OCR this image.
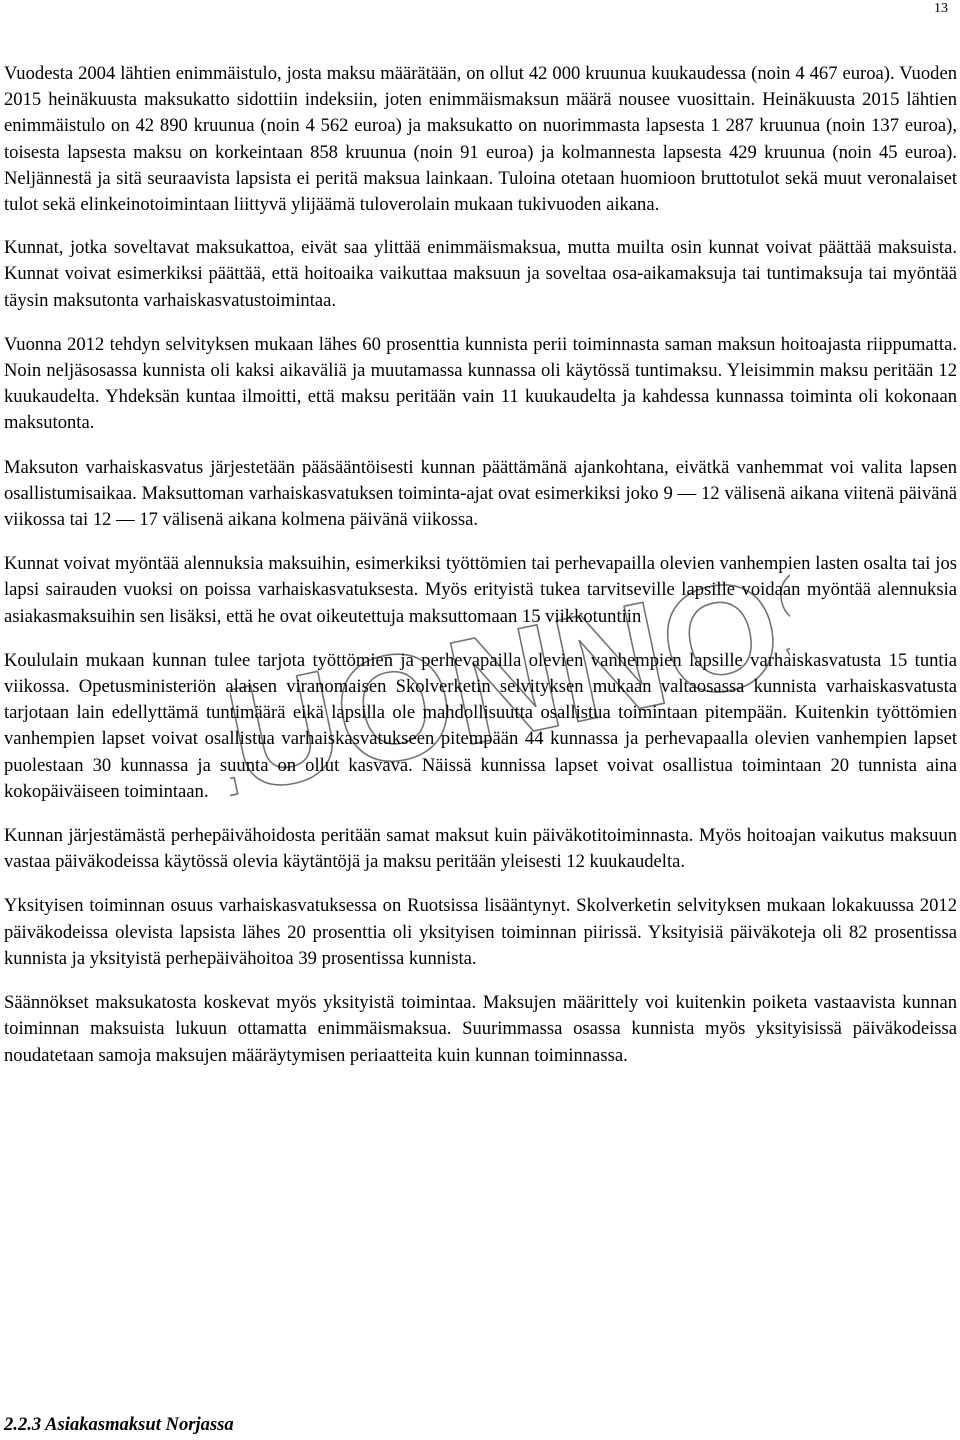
13

Vuodesta 2004 lähtien enimmäistulo, josta maksu määrätään, on ollut 42 000 kruunua kuukaudessa (noin 4 467 euroa). Vuoden 2015 heinäkuusta maksukatto sidottiin indeksiin, joten enimmäismaksun määrä nousee vuosittain. Heinäkuusta 2015 lähtien enimmäistulo on 42 890 kruunua (noin 4 562 euroa) ja maksukatto on nuorimmasta lapsesta 1 287 kruunua (noin 137 euroa), toisesta lapsesta maksu on korkeintaan 858 kruunua (noin 91 euroa) ja kolmannesta lapsesta 429 kruunua (noin 45 euroa). Neljännestä ja sitä seuraavista lapsista ei peritä maksua lainkaan. Tuloina otetaan huomioon bruttotulot sekä muut veronalaiset tulot sekä elinkeinotoimintaan liittyvä ylijäämä tuloverolain mukaan tukivuoden aikana.

Kunnat, jotka soveltavat maksukattoa, eivät saa ylittää enimmäismaksua, mutta muilta osin kunnat voivat päättää maksuista. Kunnat voivat esimerkiksi päättää, että hoitoaika vaikuttaa maksuun ja soveltaa osa-aikamaksuja tai tuntimaksuja tai myöntää täysin maksutonta varhaiskasvatustoimintaa.

Vuonna 2012 tehdyn selvityksen mukaan lähes 60 prosenttia kunnista perii toiminnasta saman maksun hoitoajasta riippumatta. Noin neljäsosassa kunnista oli kaksi aikaväliä ja muutamassa kunnassa oli käytössä tuntimaksu. Yleisimmin maksu peritään 12 kuukaudelta. Yhdeksän kuntaa ilmoitti, että maksu peritään vain 11 kuukaudelta ja kahdessa kunnassa toiminta oli kokonaan maksutonta.

Maksuton varhaiskasvatus järjestetään pääsääntöisesti kunnan päättämänä ajankohtana, eivätkä vanhemmat voi valita lapsen osallistumisaikaa. Maksuttoman varhaiskasvatuksen toiminta-ajat ovat esimerkiksi joko 9 ― 12 välisenä aikana viitenä päivänä viikossa tai 12 ― 17 välisenä aikana kolmena päivänä viikossa.

Kunnat voivat myöntää alennuksia maksuihin, esimerkiksi työttömien tai perhevapailla olevien vanhempien lasten osalta tai jos lapsi sairauden vuoksi on poissa varhaiskasvatuksesta. Myös erityistä tukea tarvitseville lapsille voidaan myöntää alennuksia asiakasmaksuihin sen lisäksi, että he ovat oikeutettuja maksuttomaan 15 viikkotuntiin

Koululain mukaan kunnan tulee tarjota työttömien ja perhevapailla olevien vanhempien lapsille varhaiskasvatusta 15 tuntia viikossa. Opetusministeriön alaisen viranomaisen Skolverketin selvityksen mukaan valtaosassa kunnista varhaiskasvatusta tarjotaan lain edellyttämä tuntimäärä eikä lapsilla ole mahdollisuutta osallistua toimintaan pitempään. Kuitenkin työttömien vanhempien lapset voivat osallistua varhaiskasvatukseen pitempään 44 kunnassa ja perhevapaalla olevien vanhempien lapset puolestaan 30 kunnassa ja suunta on ollut kasvava. Näissä kunnissa lapset voivat osallistua toimintaan 20 tunnista aina kokopäiväiseen toimintaan.

Kunnan järjestämästä perhepäivähoidosta peritään samat maksut kuin päiväkotitoiminnasta. Myös hoitoajan vaikutus maksuun vastaa päiväkodeissa käytössä olevia käytäntöjä ja maksu peritään yleisesti 12 kuukaudelta.

Yksityisen toiminnan osuus varhaiskasvatuksessa on Ruotsissa lisääntynyt. Skolverketin selvityksen mukaan lokakuussa 2012 päiväkodeissa olevista lapsista lähes 20 prosenttia oli yksityisen toiminnan piirissä. Yksityisiä päiväkoteja oli 82 prosentissa kunnista ja yksityistä perhepäivähoitoa 39 prosentissa kunnista.

Säännökset maksukatosta koskevat myös yksityistä toimintaa. Maksujen määrittely voi kuitenkin poiketa vastaavista kunnan toiminnan maksuista lukuun ottamatta enimmäismaksua. Suurimmassa osassa kunnista myös yksityisissä päiväkodeissa noudatetaan samoja maksujen määräytymisen periaatteita kuin kunnan toiminnassa.

2.2.3 Asiakasmaksut Norjassa
LUONNOS
